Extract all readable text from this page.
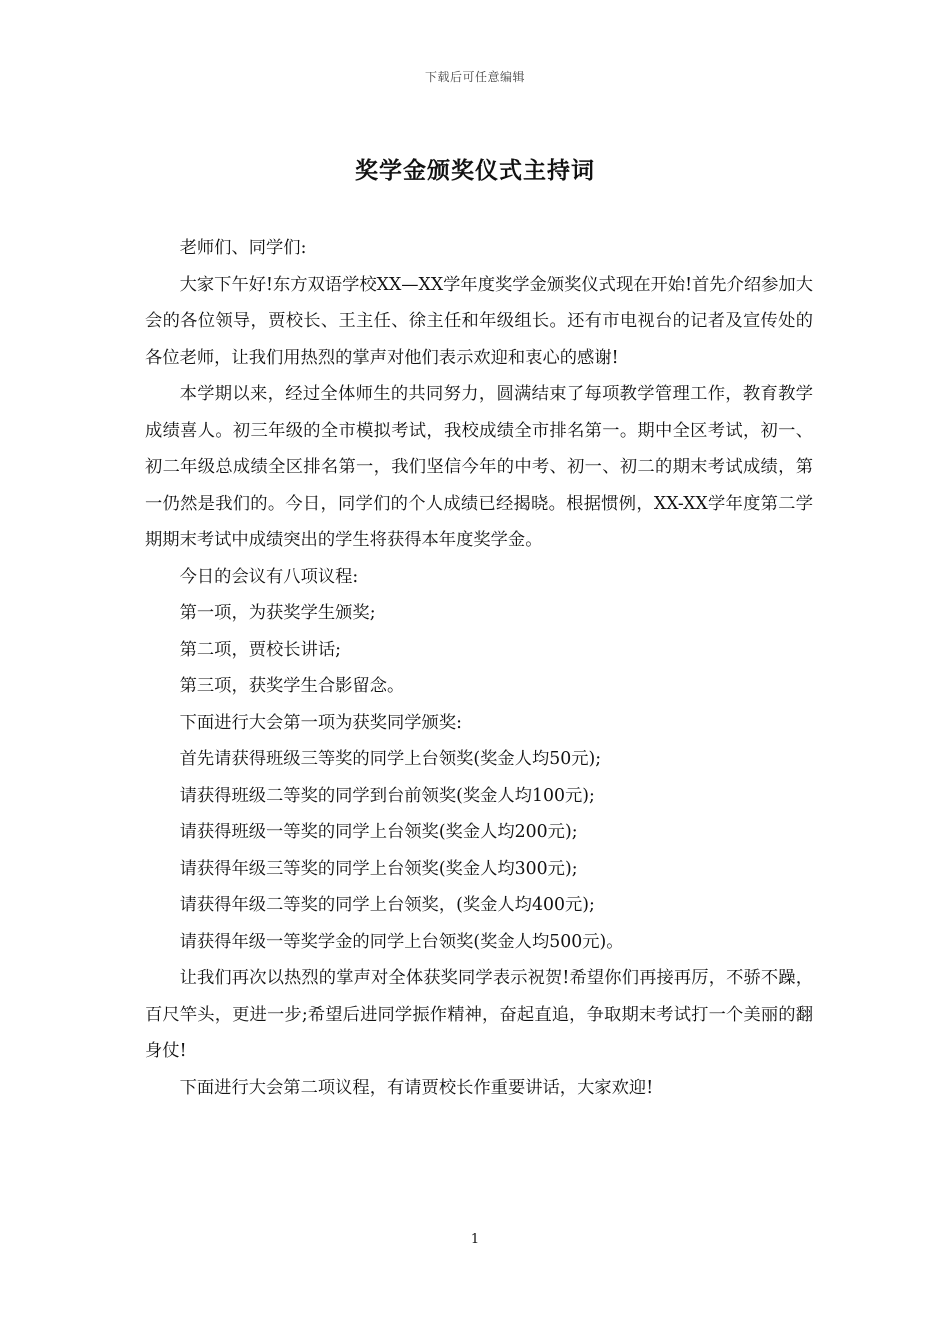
下载后可任意编辑
奖学金颁奖仪式主持词

老师们、同学们:

大家下午好!东方双语学校XX—XX学年度奖学金颁奖仪式现在开始!首先介绍参加大会的各位领导，贾校长、王主任、徐主任和年级组长。还有市电视台的记者及宣传处的各位老师，让我们用热烈的掌声对他们表示欢迎和衷心的感谢!

本学期以来，经过全体师生的共同努力，圆满结束了每项教学管理工作，教育教学成绩喜人。初三年级的全市模拟考试，我校成绩全市排名第一。期中全区考试，初一、初二年级总成绩全区排名第一，我们坚信今年的中考、初一、初二的期末考试成绩，第一仍然是我们的。今日，同学们的个人成绩已经揭晓。根据惯例，XX-XX学年度第二学期期末考试中成绩突出的学生将获得本年度奖学金。

今日的会议有八项议程:

第一项，为获奖学生颁奖;

第二项，贾校长讲话;

第三项，获奖学生合影留念。

下面进行大会第一项为获奖同学颁奖:

首先请获得班级三等奖的同学上台领奖(奖金人均50元);

请获得班级二等奖的同学到台前领奖(奖金人均100元);

请获得班级一等奖的同学上台领奖(奖金人均200元);

请获得年级三等奖的同学上台领奖(奖金人均300元);

请获得年级二等奖的同学上台领奖，(奖金人均400元);

请获得年级一等奖学金的同学上台领奖(奖金人均500元)。

让我们再次以热烈的掌声对全体获奖同学表示祝贺!希望你们再接再厉，不骄不躁，百尺竿头，更进一步;希望后进同学振作精神，奋起直追，争取期末考试打一个美丽的翻身仗!

下面进行大会第二项议程，有请贾校长作重要讲话，大家欢迎!

1
